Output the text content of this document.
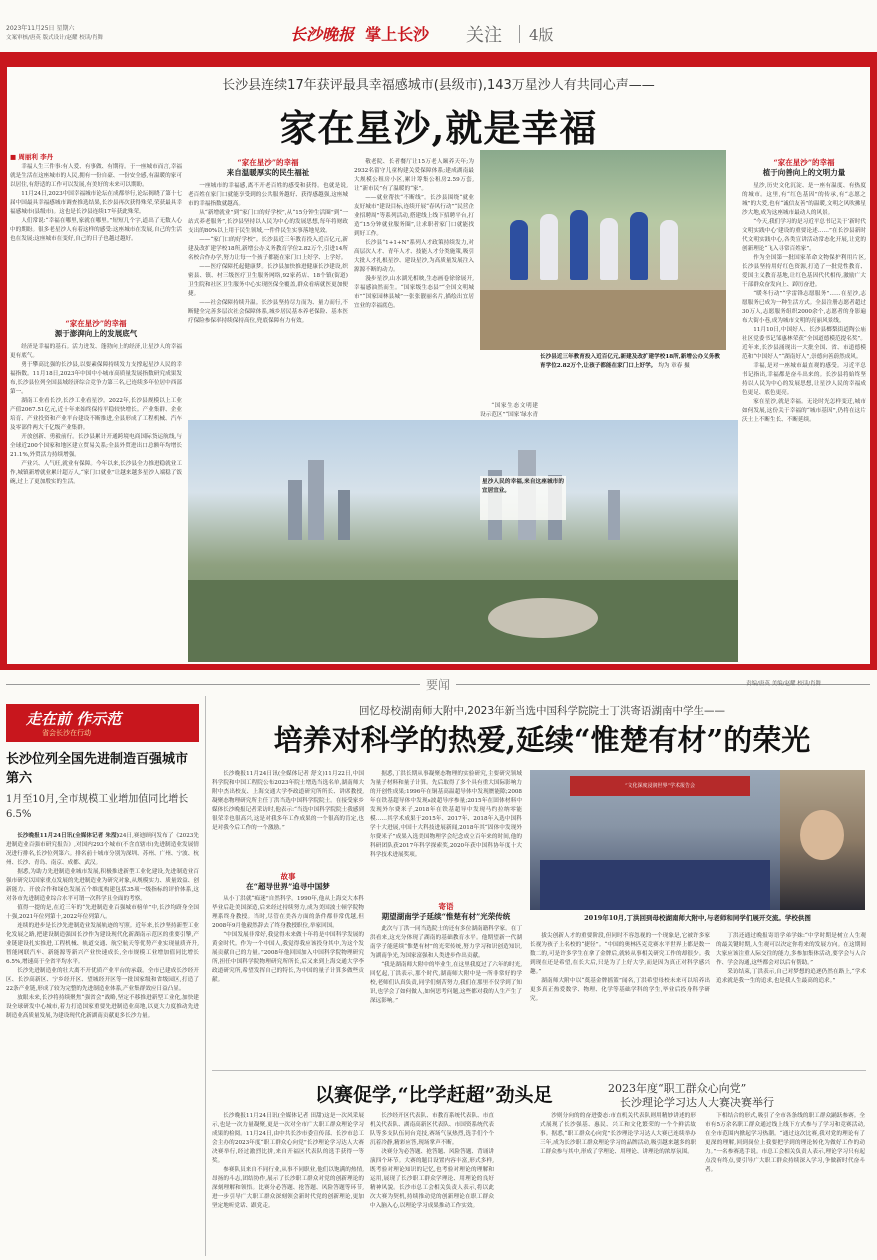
2023年11月25日 星期六
文案审核/唐英 版式设计/赵耀 校读/肖舞	长沙晚报 掌上长沙	关注 4版
长沙县连续17年获评最具幸福感城市(县级市),143万星沙人有共同心声——
家在星沙,就是幸福
■ 周丽利 李丹

幸福人生三件事:有人爱、有事做、有期待。于一座城市而言,幸福就是生活在这座城市的人民,拥有一份自豪、一份安全感,有温暖的家可以居住,有舒适的工作可以发展,有美好的未来可以期盼。

11月24日,2023中国幸福城市论坛在成都举行,论坛揭晓了第十七届中国最具幸福感城市调查推选结果,长沙县再次获得殊荣,荣获最具幸福感城市(县级市)。这也是长沙县连续17年获此殊荣。

人们常说:“幸福在哪里,家就在哪里。”短短几个字,道出了无数人心中的期盼。很多老星沙人有着这样的感受:这座城市在发展,自己的生活也在发展;这座城市在变好,自己的日子也越过越好。

“家在星沙”的幸福
源于澎湃向上的发展底气

经济是幸福的基石。活力迸发、蓬勃向上的经济,让星沙人的幸福更有底气。

勇于攀高比强的长沙县,以要素保障持续发力支撑起星沙人民的幸福指数。11月18日,2023年中国中小城市高质量发展指数研究成果发布,长沙县位列全国县域经济综合竞争力第三名,已连续多年位居中西部第一。

湖南工业看长沙,长沙工业看星沙。2022年,长沙县规模以上工业产值2067.51亿元,近十年来始终保持平稳较快增长。产业集群、企业培育、产业投资和产业平台建设不断推进,全县形成了工程机械、汽车及零部件两大千亿级产业集群。

开放创新、勇毅前行。长沙县累计开通跨境电商国际货运航线,与全球近200个国家和地区建立贸易关系;全县外贸进出口总额年均增长21.1%,外贸活力持续增强。

产业兴、人气旺,就业有保障。今年以来,长沙县全力推进稳就业工作,城镇新增就业累计超万人,“家门口就业”让越来越多星沙人端稳了饭碗,过上了更加殷实的生活。

“家在星沙”的幸福
来自温暖厚实的民生福祉

一座城市的幸福感,离不开老百姓的感受和获得。也就是说,老百姓在家门口就能享受到的公共服务越好、获得感越强,这座城市的幸福指数就越高。

从“新增就业”到“家门口的好学校”,从“15分钟生活圈”到“一站式养老服务”,长沙县坚持以人民为中心的发展思想,每年将财政支出的80%以上用于民生领域,一件件民生实事落地见效。

——“家门口的好学校”。长沙县近三年教育投入近百亿元,新建及改扩建学校18所,新增公办义务教育学位2.82万个,引进14所名校合作办学,努力让每一个孩子都能在家门口上好学、上学好。

——医疗保障托起健康梦。长沙县加快推进健康长沙建设,织密县、镇、村三级医疗卫生服务网络,92家药店、18个镇(街道)卫生院和社区卫生服务中心实现医保全覆盖,群众看病就医更加便捷。

——社会保障持续升温。长沙县坚持尽力而为、量力而行,不断健全完善多层次社会保障体系,城乡居民基本养老保险、基本医疗保险参保率持续保持高位,兜底保障有力有效。

敬老院、长者餐厅让15万老人颐养天年;为2932名留守儿童构建关爱保障体系;建成湖南最大规模公租房小区,累计筹集公租房2.59万套,让“新市民”有了温暖的“家”。

——就业帮扶“不断线”。长沙县围绕“就业友好城市”建设目标,连续开展“春风行动”“民营企业招聘周”等系列活动,搭建线上线下招聘平台,打造“15分钟就业服务圈”,让求职者家门口就能找到好工作。

长沙县“1+1+N”系列人才政策持续发力,对高层次人才、青年人才、技能人才分类施策,吸引大批人才扎根星沙、建设星沙,为高质量发展注入源源不断的动力。

漫步星沙,山水湖光相映,生态画卷徐徐展开,幸福感油然而生。“国家级生态县”“全国文明城市”“国家园林县城”一张张靓丽名片,描绘出宜居宜业的幸福底色。

长沙县近三年教育投入近百亿元,新建及改扩建学校18所,新增公办义务教育学位2.82万个,让孩子都能在家门口上好学。 均为 章春 摄

“国家生态文明建设示范区”“国家‘绿水青

星沙人民的幸福,来自这座城市的宜居宜业。
“家在星沙”的幸福
植于向善向上的文明力量

星沙,历史文化沉淀、是一座有温度、有热度的城市。这里,有“红色基因”的传承,有“志愿之城”的大爱,也有“诚信友善”的温暖,文明之风吹拂星沙大地,成为这座城市最动人的风景。

“今天,我们学习的是习近平总书记关于‘新时代文明实践中心’建设的重要论述……”在长沙县新时代文明实践中心,各类宣讲活动常态化开展,让党的创新理论“飞入寻常百姓家”。

作为全国第一批国家革命文物保护利用片区,长沙县坚持用好红色资源,打造了一批党性教育、爱国主义教育基地,让红色基因代代相传,激励广大干部群众奋发向上、踔厉奋进。

“暖冬行动”“学雷锋志愿服务”……在星沙,志愿服务已成为一种生活方式。全县注册志愿者超过30万人,志愿服务组织2000余个,志愿者的身影遍布大街小巷,成为城市文明的亮丽风景线。

11月10日,中国好人、长沙县榔梨街道陶公庙社区党委书记邹惠林荣获“全国道德模范提名奖”。近年来,长沙县涌现出一大批全国、省、市道德模范和“中国好人”“湖南好人”,崇德向善蔚然成风。

幸福,是对一座城市最直观的感受。习近平总书记指出,幸福都是奋斗出来的。长沙县将始终坚持以人民为中心的发展思想,让星沙人民的幸福成色更足、底色更亮。

家在星沙,就是幸福。无论时光怎样变迁,城市如何发展,这份关于幸福的“城市基因”,仍将在这片沃土上不断生长、不断延续。

要闻	责编/唐英 美编/赵耀 校读/肖舞
走在前 作示范
省会长沙在行动
长沙位列全国先进制造百强城市第六
1月至10月,全市规模工业增加值同比增长6.5%

长沙晚报11月24日讯(全媒体记者 朱滢)24日,赛迪顾问发布了《2023先进制造业百强市研究报告》,对国内293个城市(不含直辖市)先进制造业发展情况进行排名,长沙位列第六。排名前十城市分别为深圳、苏州、广州、宁波、杭州、长沙、青岛、南京、成都、武汉。

据悉,为助力先进制造业城市发展,积极推进新型工业化建设,先进制造业百强市研究以国家重点发展的先进制造业为研究对象,从规模实力、质量效益、创新能力、开放合作和绿色发展五个维度构建包括35项一级指标的评价体系,这对各市先进制造业综合水平可谓一次科学且全面的考察。

值得一提的是,在近三年的“先进制造业百强城市榜单”中,长沙均跻身全国十强,2021年位列第十,2022年位列第八。

连续的进步是长沙先进制造业发展轨迹的写照。近年来,长沙坚持新型工业化发展之路,把建设制造强国长沙作为建设现代化新湖南示范区的重要引擎,产业链建设扎实推进,工程机械、轨道交通、航空航天等优势产业实现量质齐升,智能网联汽车、新能源等新兴产业快速成长,全市规模工业增加值同比增长6.5%,增速高于全省平均水平。

长沙先进制造业的壮大离不开优质产业平台的承载。全市已建成长沙经开区、长沙高新区、宁乡经开区、望城经开区等一批国家级和省级园区,打造了22条产业链,形成了较为完整的先进制造业体系,产业集群效应日益凸显。

放眼未来,长沙将持续聚焦“强省会”战略,坚定不移推进新型工业化,加快建设全球研发中心城市,着力打造国家重要先进制造业高地,以更大力度推动先进制造业高质量发展,为建设现代化新湖南贡献更多长沙力量。

回忆母校湖南师大附中,2023年新当选中国科学院院士丁洪寄语湖南中学生——
培养对科学的热爱,延续“惟楚有材”的荣光

长沙晚报11月24日讯(全媒体记者 舒文)11月22日,中国科学院和中国工程院公布2023年院士增选当选名单,湖南师大附中杰出校友、上海交通大学李政道研究所所长、讲席教授,凝聚态物理研究所主任丁洪当选中国科学院院士。在接受家乡媒体长沙晚报记者采访时,他表示:“当选中国科学院院士我感到很荣幸也很高兴,这是对我多年工作成果的一个很高的肯定,也是对我今后工作的一个激励。”

故事
在“超导世界”追寻中国梦

从小丁洪就“痴迷”自然科学。1990年,他从上海交大本科毕业后赴美国深造,后来经过持续努力,成为美国波士顿学院物理系终身教授。当时,尽管在美各方面的条件都非常优越,但2008年9月他毅然辞去了终身教授职位,举家回国。

“中国发展非常好,我觉得未来做十年将是中国科学发展的黄金时代。作为一个中国人,我觉得我应该投身其中,为这个发展贡献自己的力量。”2008年他回国加入中国科学院物理研究所,担任中国科学院物理研究所所长,后又来到上海交通大学李政道研究所,希望发挥自己的特长,为中国的量子计算多做些贡献。

据悉,丁洪长期从事凝聚态物理的实验研究,主要研究领域为量子材料和量子计算。先后取得了多个具有重大国际影响力的开创性成果;1996年在铜基高温超导体中发现赝能隙;2008年在铁基超导体中发现s波超导序参量;2015年在固体材料中发现外尔费米子,2018年在铁基超导中发现马约拉纳零能模……其学术成果于2015年、2017年、2018年入选中国科学十大进展,中国十大科技进展新闻,2018年其“固体中发现外尔费米子”成果入选美国物理学会纪念成立百年来的时间,他的科研团队获2017年科学探索奖,2020年获中国科协年度十大科学技术进展奖项。

寄语
期望湖南学子延续“惟楚有材”光荣传统

此次与丁洪一同当选院士的还有多位湖南籍科学家。在丁洪看来,这充分体现了湖南的基础教育水平。他期望新一代湖南学子能延续“惟楚有材”的光荣传统,努力学习和识创造知识,为湖南争光,为国家富强和人类进步作出贡献。

“我是湖南师大附中的毕业生,在这里我度过了六年的时光,回忆起,丁洪表示,那个时代,湖南师大附中是一所非常好的学校,老师们认真负责,同学们刻苦努力,我们在那里不仅学到了知识,也学会了如何做人,如何思考问题,这些都对我的人生产生了深远影响。”

“文化深度浸润世界”学术报告会
2019年10月,丁洪回到母校湖南师大附中,与老师和同学们展开交流。学校供图

拔尖创新人才的重要阶段,但同时不容忽视的一个现象是,它被许多家长视为孩子上名校的“捷径”。“中国的奥林匹克竞赛水平世界上都是数一数二的,可是许多学生在拿了金牌后,就转从事相关研究工作的却很少。我到现在还是希望,在长大后,只是为了上好大学,而是因为真正对科学感兴趣。”

湖南师大附中以“奠基金牌摇篮”闻名,丁洪希望母校未来可以培养出更多真正热爱数学、物理、化学等基础学科的学生,毕业后投身科学研究。

丁洪还通过晚报寄语学弟学妹:“中学时期是树立人生观的最关键时期,人生观可以决定你将来的发展方向。在这期间大家应该注重人际交往的能力,多参加集体活动,要学会与人合作、学会沟通,这些都会对以后有帮助。”

采访结束,丁洪表示,自己对梦想的追逐仍然在路上,“学术追求就是我一生的追求,也是我人生最高的追求。”

以赛促学,“比学赶超”劲头足	2023年度“职工群众心向党”
长沙理论学习达人大赛决赛举行

长沙晚报11月24日讯(全媒体记者 田甜)这是一次风采展示,也是一次力量凝聚,更是一次对全市广大职工群众理论学习成果的检阅。11月24日,由中共长沙市委宣传部、长沙市总工会主办的2023年度“职工群众心向党”长沙理论学习达人大赛决赛举行,经过激烈比拼,来自开福区代表队的选手获得一等奖。

参赛队员来自不同行业,从事不同职业,他们以饱满的热情,昂扬的斗志,团结协作,展示了长沙职工群众对党的创新理论的深刻理解和领悟。比赛分必答题、抢答题、风险答题等环节,进一步引导广大职工群众深刻领会新时代党的创新理论,更加坚定地听党话、跟党走。

长沙经开区代表队、市教育系统代表队、市直机关代表队、湖南高新区代表队、市国资系统代表队等多支队伍同台竞技,赛场气氛热烈,选手们个个沉着冷静,精彩应答,现场掌声不断。

决赛分为必答题、抢答题、风险答题、背诵讲演四个环节。大赛的题目设置内容丰富,形式多样,既考验对理论知识的记忆,也考验对理论的理解和运用,展现了长沙职工群众学理论、用理论的良好精神风貌。长沙市总工会相关负责人表示,将以此次大赛为契机,持续推动党的创新理论在职工群众中入脑入心,以理论学习成果推动工作实效。

沙则分向的的奋进姿态:市直机关代表队则用精妙讲述的形式展现了长沙强基、惠民、兴工和文化繁荣的一个个鲜活故事。据悉,“职工群众心向党”长沙理论学习达人大赛已连续举办三年,成为长沙职工群众理论学习的品牌活动,吸引越来越多的职工群众参与其中,形成了学理论、用理论、讲理论的浓厚氛围。

下相结合的形式,吸引了全市各条线的职工群众踊跃参赛。全市有5万余名职工群众通过线上线下方式参与了学习和竞赛活动,在全市范围内掀起学习热潮。“通过这次比赛,我对党的理论有了更深的理解,回到岗位上我要把学到的理论转化为做好工作的动力。”一名参赛选手说。市总工会相关负责人表示,理论学习只有起点没有终点,要引导广大职工群众持续深入学习,争做新时代奋斗者。
